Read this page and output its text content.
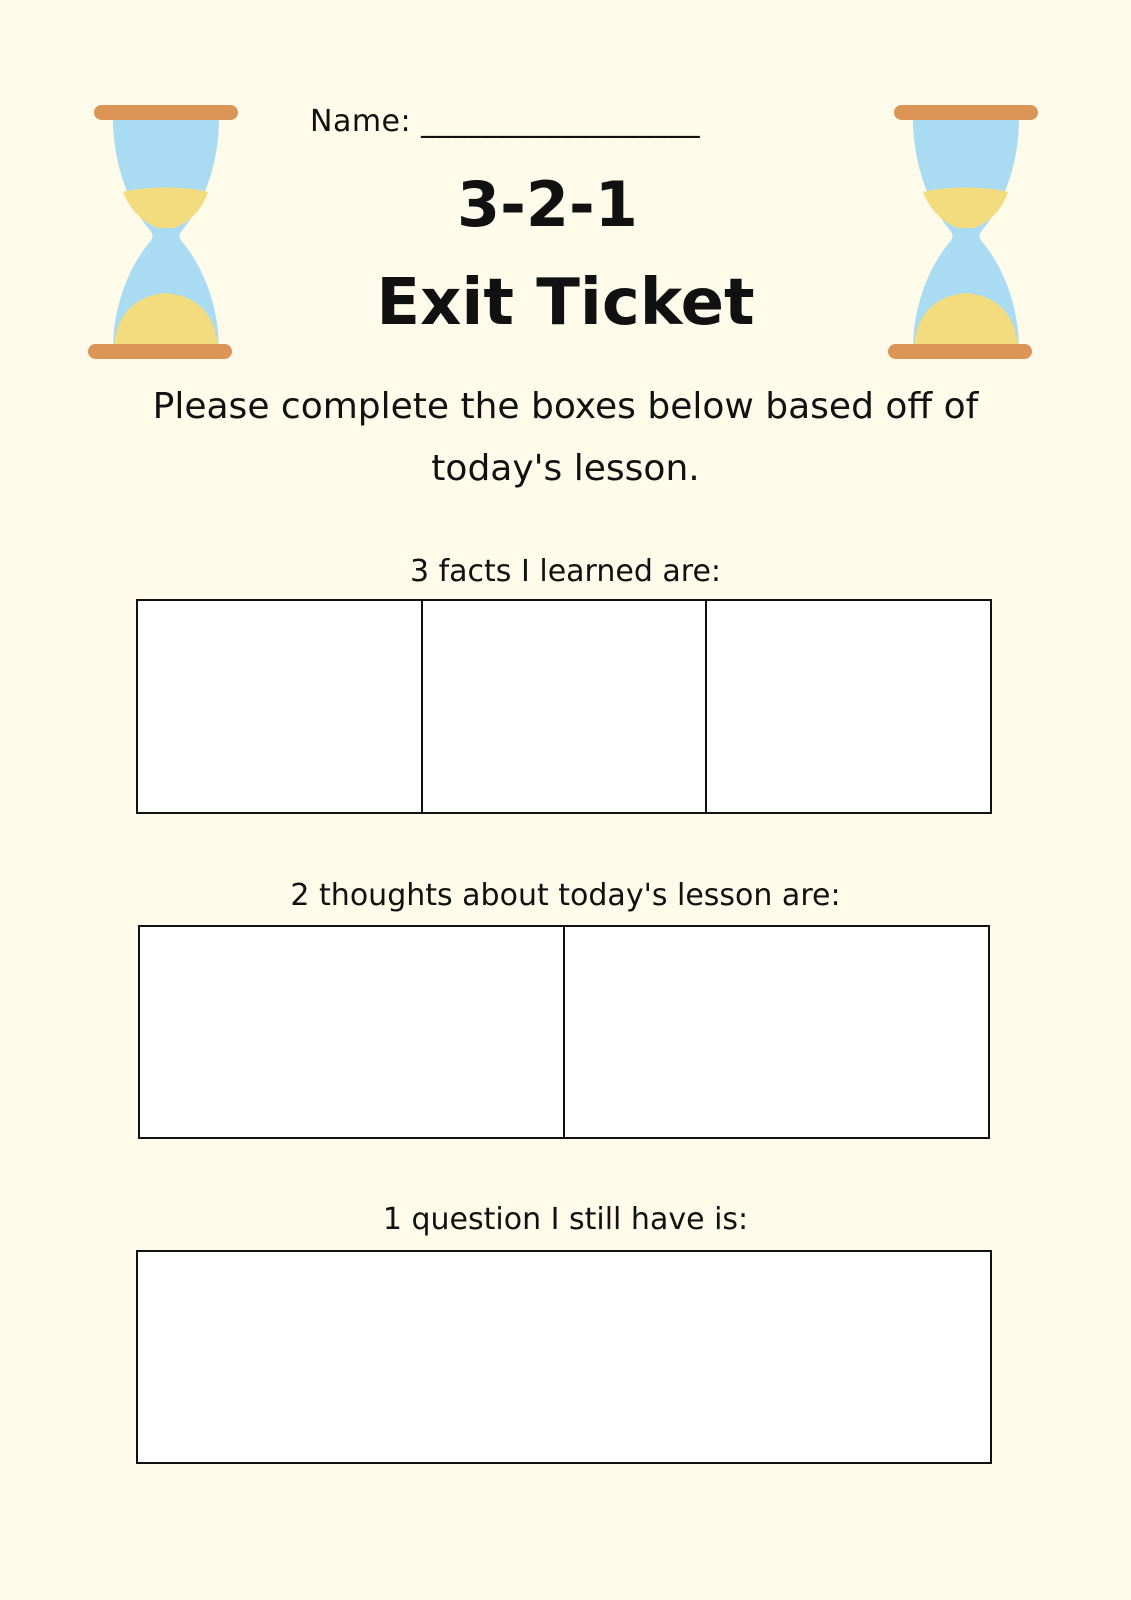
Name: __________________
3-2-1
Exit Ticket
Please complete the boxes below based off of today's lesson.
3 facts I learned are:
2 thoughts about today's lesson are:
1 question I still have is:
